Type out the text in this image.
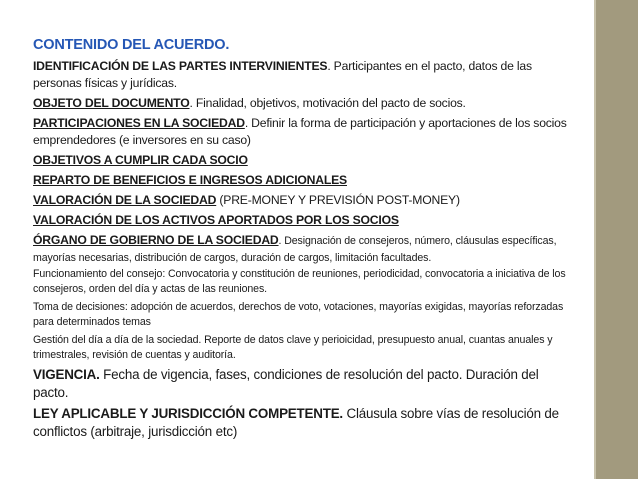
CONTENIDO DEL ACUERDO.
IDENTIFICACIÓN DE LAS PARTES INTERVINIENTES. Participantes en el pacto, datos de las personas físicas y jurídicas.
OBJETO DEL DOCUMENTO. Finalidad, objetivos, motivación del pacto de socios.
PARTICIPACIONES EN LA SOCIEDAD. Definir la forma de participación y aportaciones de los socios emprendedores (e inversores en su caso)
OBJETIVOS A CUMPLIR CADA SOCIO
REPARTO DE BENEFICIOS E INGRESOS ADICIONALES
VALORACIÓN DE LA SOCIEDAD (PRE-MONEY Y PREVISIÓN POST-MONEY)
VALORACIÓN DE LOS ACTIVOS APORTADOS POR LOS SOCIOS
ÓRGANO DE GOBIERNO DE LA SOCIEDAD. Designación de consejeros, número, cláusulas específicas, mayorías necesarias, distribución de cargos, duración de cargos, limitación facultades.
Funcionamiento del consejo: Convocatoria y constitución de reuniones, periodicidad, convocatoria a iniciativa de los consejeros, orden del día y actas de las reuniones.
Toma de decisiones: adopción de acuerdos, derechos de voto, votaciones, mayorías exigidas, mayorías reforzadas para determinados temas
Gestión del día a día de la sociedad. Reporte de datos clave y perioicidad, presupuesto anual, cuantas anuales y trimestrales, revisión de cuentas y auditoría.
VIGENCIA. Fecha de vigencia, fases, condiciones de resolución del pacto. Duración del pacto.
LEY APLICABLE Y JURISDICCIÓN COMPETENTE. Cláusula sobre vías de resolución de conflictos (arbitraje, jurisdicción etc)
